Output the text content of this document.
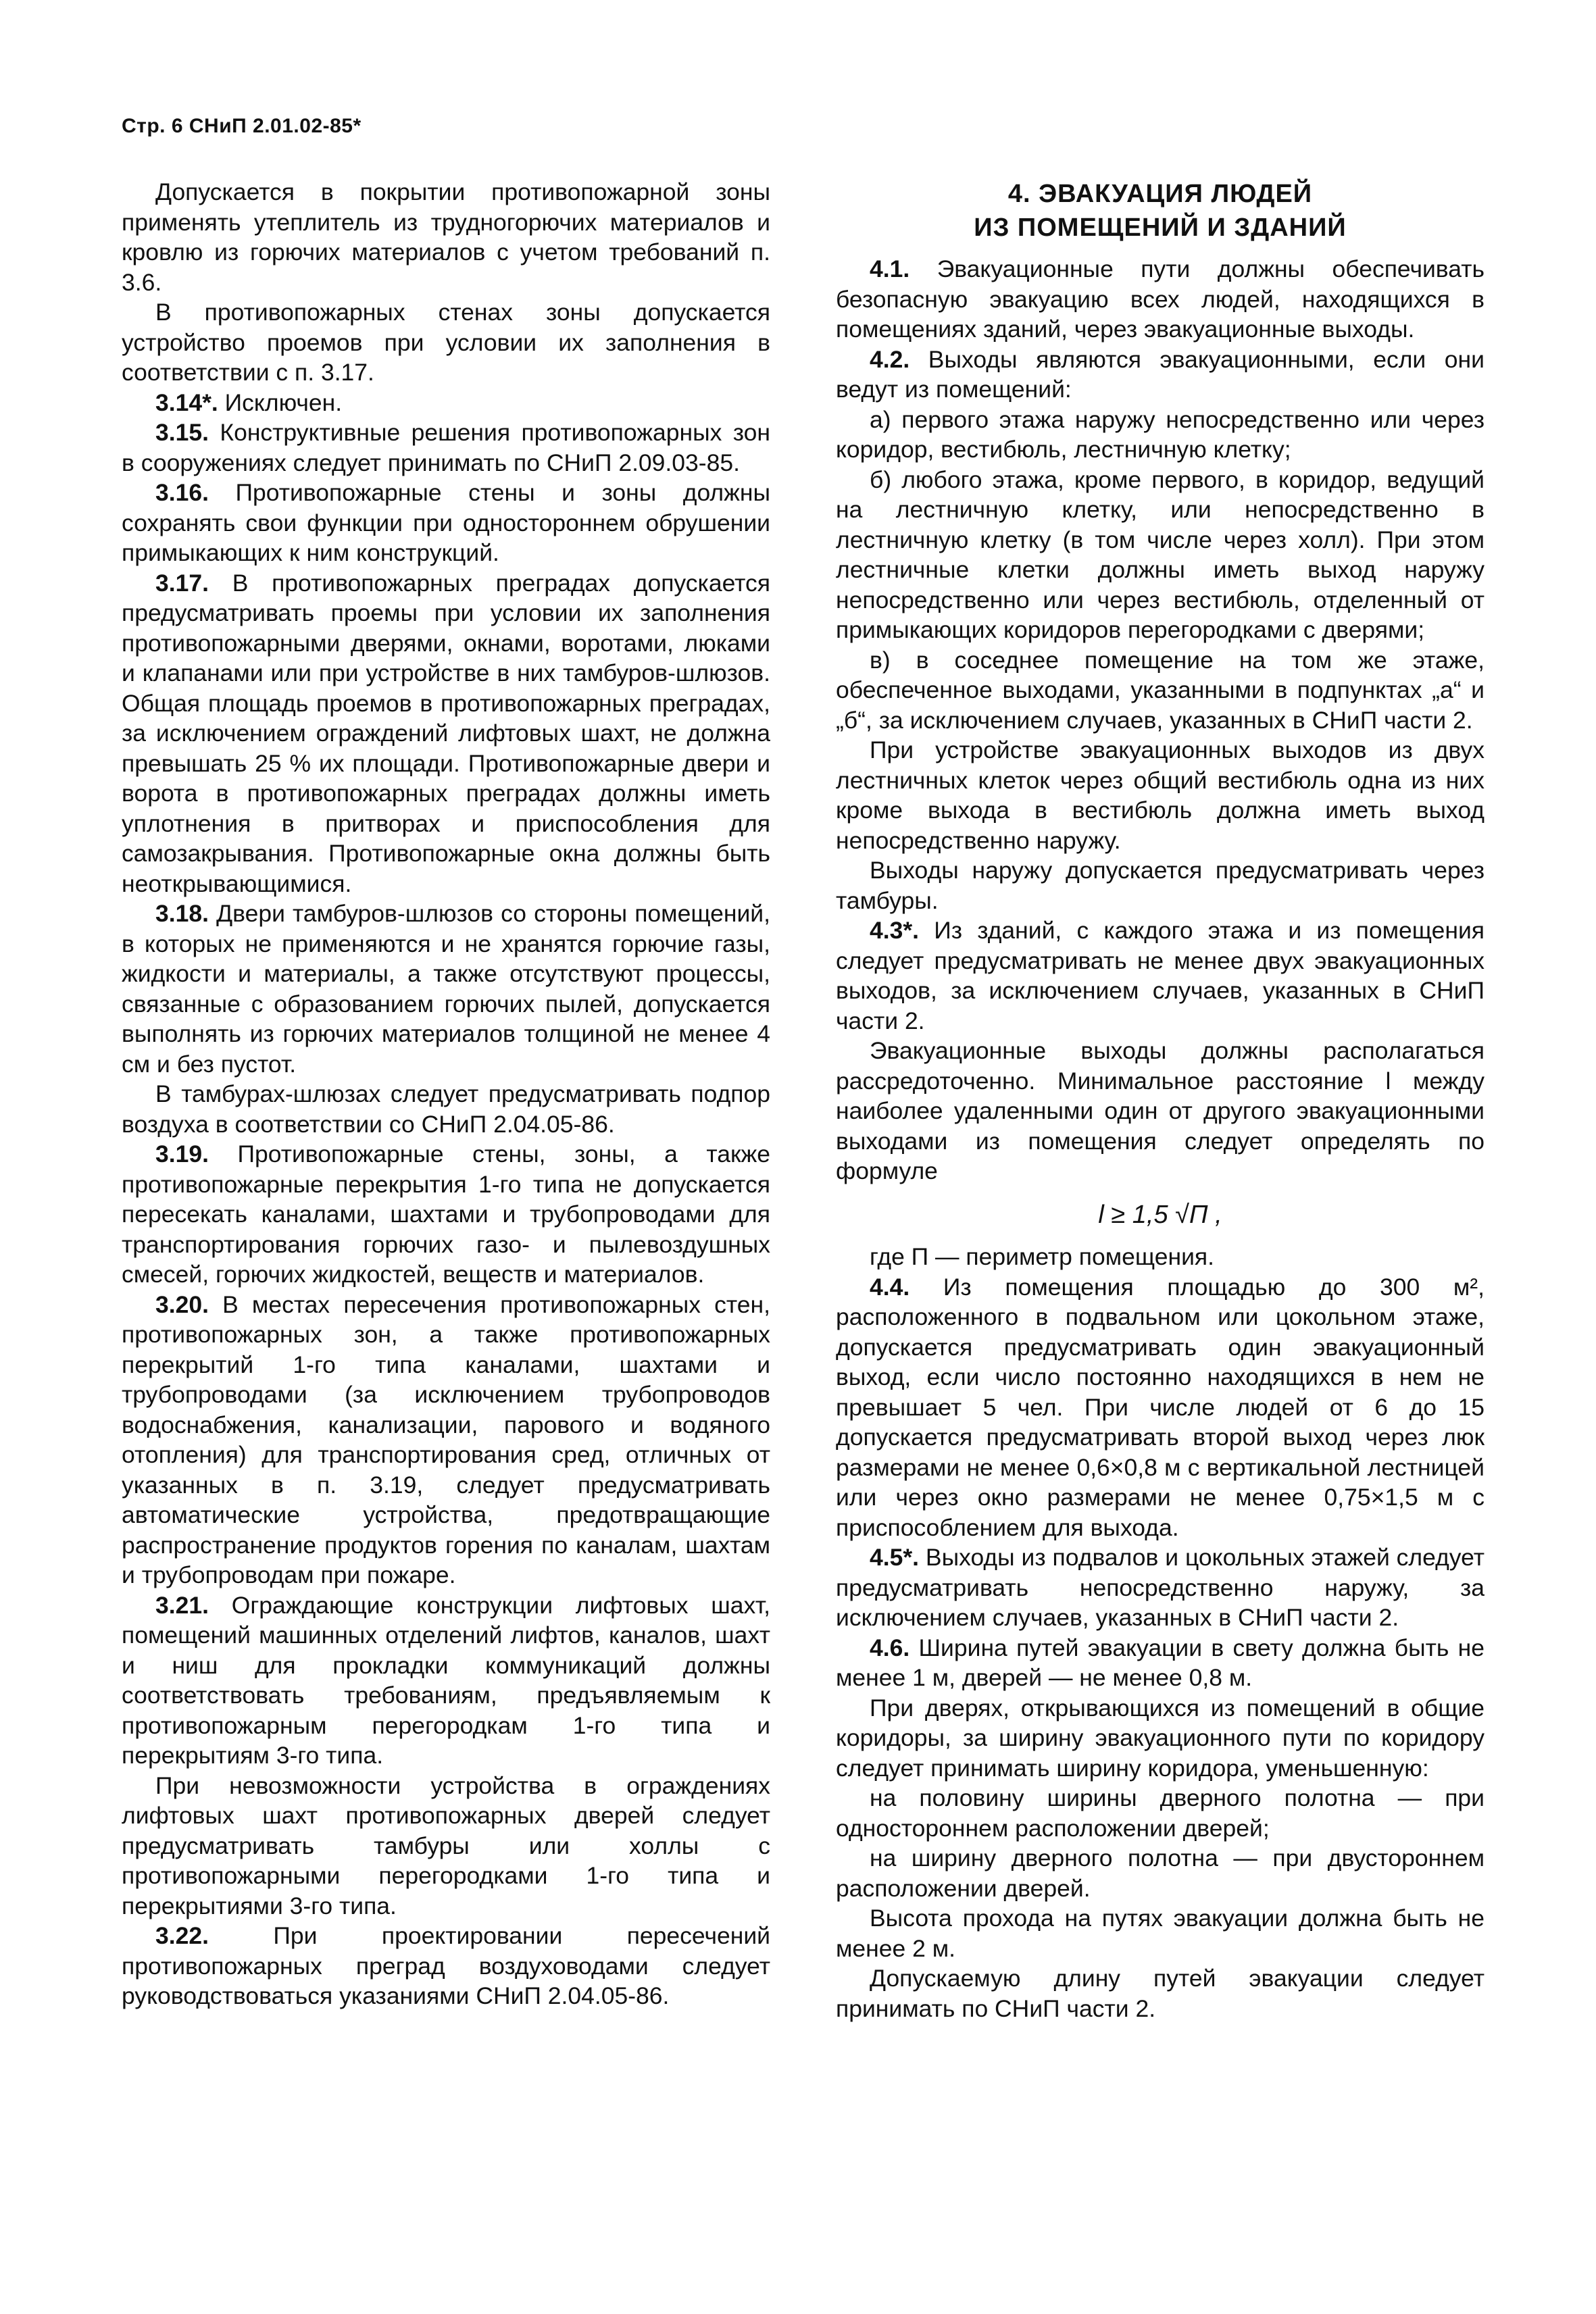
Стр. 6 СНиП 2.01.02-85*

Допускается в покрытии противопожарной зоны применять утеплитель из трудногорючих материалов и кровлю из горючих материалов с учетом требований п. 3.6.

В противопожарных стенах зоны допускается устройство проемов при условии их заполнения в соответствии с п. 3.17.

3.14*. Исключен.

3.15. Конструктивные решения противопожарных зон в сооружениях следует принимать по СНиП 2.09.03-85.

3.16. Противопожарные стены и зоны должны сохранять свои функции при одностороннем обрушении примыкающих к ним конструкций.

3.17. В противопожарных преградах допускается предусматривать проемы при условии их заполнения противопожарными дверями, окнами, воротами, люками и клапанами или при устройстве в них тамбуров-шлюзов. Общая площадь проемов в противопожарных преградах, за исключением ограждений лифтовых шахт, не должна превышать 25 % их площади. Противопожарные двери и ворота в противопожарных преградах должны иметь уплотнения в притворах и приспособления для самозакрывания. Противопожарные окна должны быть неоткрывающимися.

3.18. Двери тамбуров-шлюзов со стороны помещений, в которых не применяются и не хранятся горючие газы, жидкости и материалы, а также отсутствуют процессы, связанные с образованием горючих пылей, допускается выполнять из горючих материалов толщиной не менее 4 см и без пустот.

В тамбурах-шлюзах следует предусматривать подпор воздуха в соответствии со СНиП 2.04.05-86.

3.19. Противопожарные стены, зоны, а также противопожарные перекрытия 1-го типа не допускается пересекать каналами, шахтами и трубопроводами для транспортирования горючих газо- и пылевоздушных смесей, горючих жидкостей, веществ и материалов.

3.20. В местах пересечения противопожарных стен, противопожарных зон, а также противопожарных перекрытий 1-го типа каналами, шахтами и трубопроводами (за исключением трубопроводов водоснабжения, канализации, парового и водяного отопления) для транспортирования сред, отличных от указанных в п. 3.19, следует предусматривать автоматические устройства, предотвращающие распространение продуктов горения по каналам, шахтам и трубопроводам при пожаре.

3.21. Ограждающие конструкции лифтовых шахт, помещений машинных отделений лифтов, каналов, шахт и ниш для прокладки коммуникаций должны соответствовать требованиям, предъявляемым к противопожарным перегородкам 1-го типа и перекрытиям 3-го типа.

При невозможности устройства в ограждениях лифтовых шахт противопожарных дверей следует предусматривать тамбуры или холлы с противопожарными перегородками 1-го типа и перекрытиями 3-го типа.

3.22.	При проектировании пересечений противопожарных преград воздуховодами следует руководствоваться указаниями СНиП 2.04.05-86.

4. ЭВАКУАЦИЯ ЛЮДЕЙ
ИЗ ПОМЕЩЕНИЙ И ЗДАНИЙ

4.1. Эвакуационные пути должны обеспечивать безопасную эвакуацию всех людей, находящихся в помещениях зданий, через эвакуационные выходы.

4.2. Выходы являются эвакуационными, если они ведут из помещений:

а) первого этажа наружу непосредственно или через коридор, вестибюль, лестничную клетку;

б) любого этажа, кроме первого, в коридор, ведущий на лестничную клетку, или непосредственно в лестничную клетку (в том числе через холл). При этом лестничные клетки должны иметь выход наружу непосредственно или через вестибюль, отделенный от примыкающих коридоров перегородками с дверями;

в) в соседнее помещение на том же этаже, обеспеченное выходами, указанными в подпунктах „а“ и „б“, за исключением случаев, указанных в СНиП части 2.

При устройстве эвакуационных выходов из двух лестничных клеток через общий вестибюль одна из них кроме выхода в вестибюль должна иметь выход непосредственно наружу.

Выходы наружу допускается предусматривать через тамбуры.

4.3*. Из зданий, с каждого этажа и из помещения следует предусматривать не менее двух эвакуационных выходов, за исключением случаев, указанных в СНиП части 2.

Эвакуационные выходы должны располагаться рассредоточенно. Минимальное расстояние l между наиболее удаленными один от другого эвакуационными выходами из помещения следует определять по формуле

l ≥ 1,5 √П ,

где П — периметр помещения.

4.4. Из помещения площадью до 300 м², расположенного в подвальном или цокольном этаже, допускается предусматривать один эвакуационный выход, если число постоянно находящихся в нем не превышает 5 чел. При числе людей от 6 до 15 допускается предусматривать второй выход через люк размерами не менее 0,6×0,8 м с вертикальной лестницей или через окно размерами не менее 0,75×1,5 м с приспособлением для выхода.

4.5*. Выходы из подвалов и цокольных этажей следует предусматривать непосредственно наружу, за исключением случаев, указанных в СНиП части 2.

4.6. Ширина путей эвакуации в свету должна быть не менее 1 м, дверей — не менее 0,8 м.

При дверях, открывающихся из помещений в общие коридоры, за ширину эвакуационного пути по коридору следует принимать ширину коридора, уменьшенную:

на половину ширины дверного полотна — при одностороннем расположении дверей;

на ширину дверного полотна — при двустороннем расположении дверей.

Высота прохода на путях эвакуации должна быть не менее 2 м.

Допускаемую длину путей эвакуации следует принимать по СНиП части 2.
